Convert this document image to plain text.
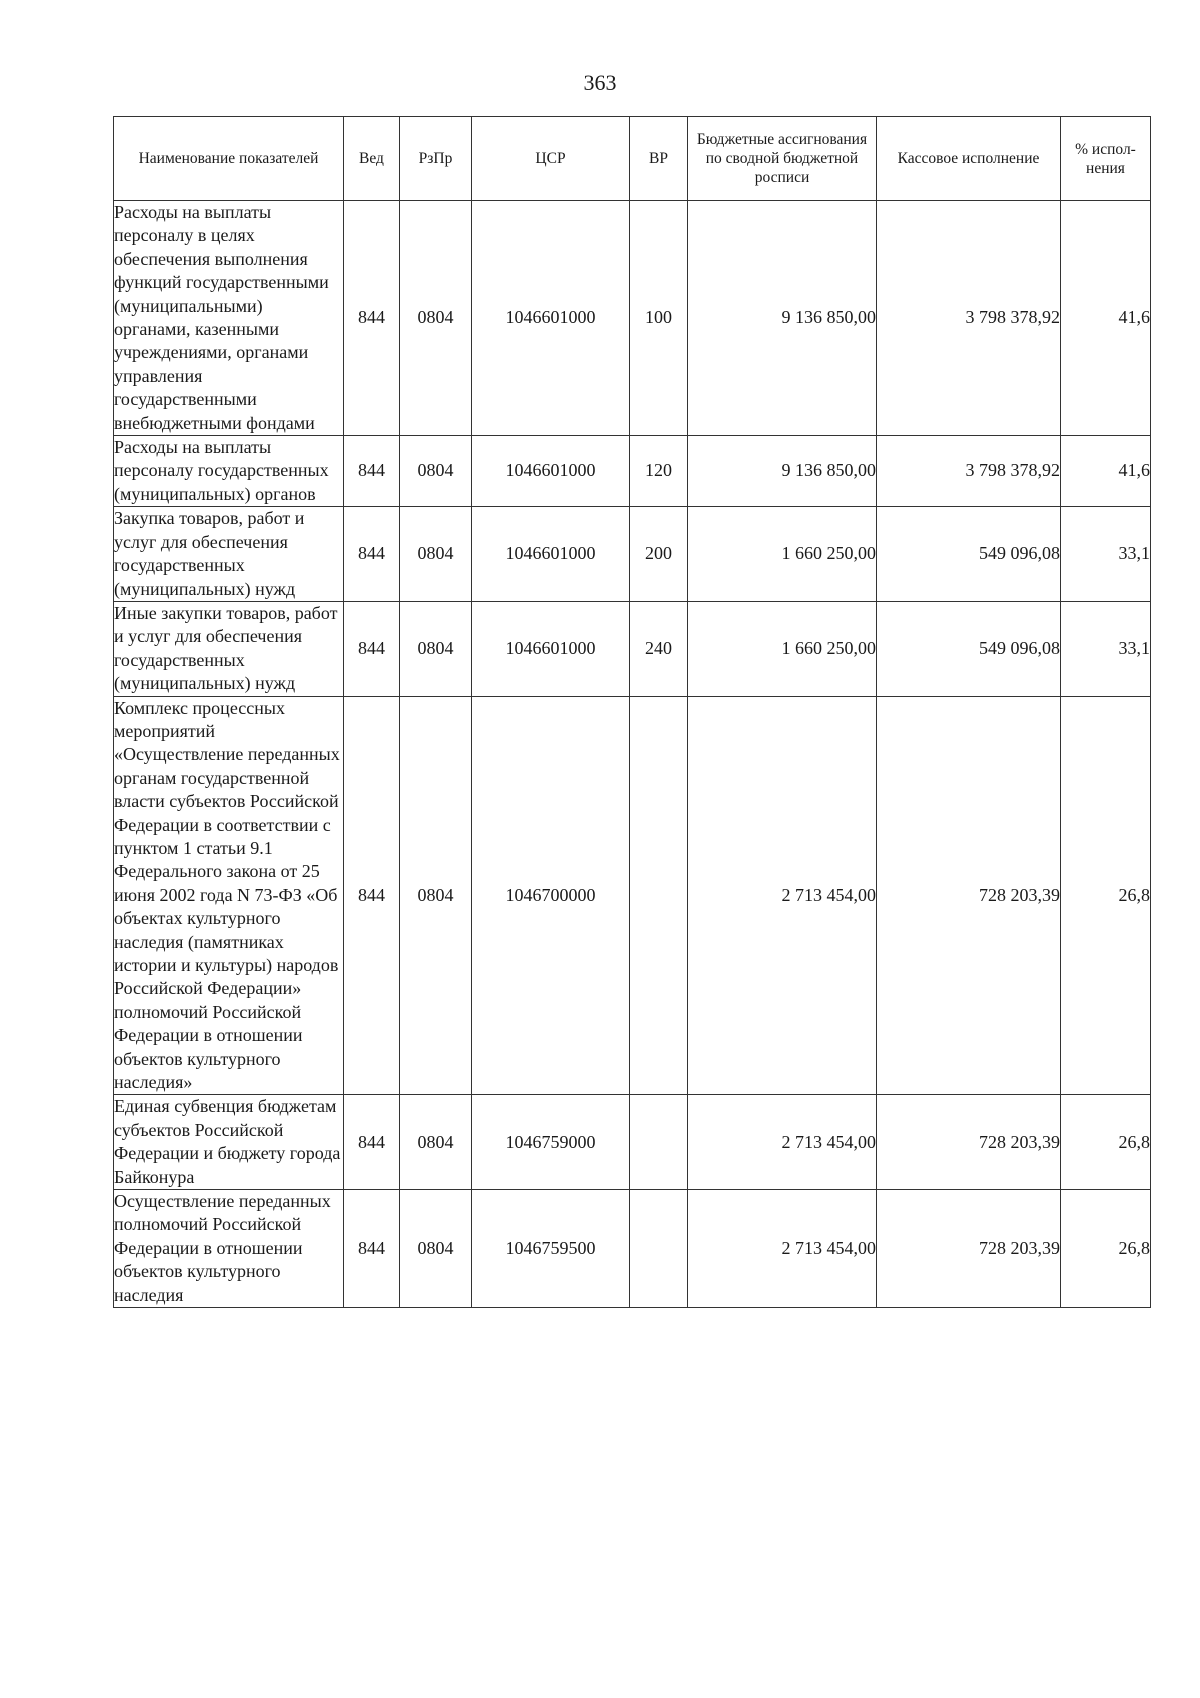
363
Наименование показателей	Вед	РзПр	ЦСР	ВР	Бюджетные ассигнования по сводной бюджетной росписи	Кассовое исполнение	% испол-нения
Расходы на выплаты персоналу в целях обеспечения выполнения функций государственными (муниципальными) органами, казенными учреждениями, органами управления государственными внебюджетными фондами	844	0804	1046601000	100	9 136 850,00	3 798 378,92	41,6
Расходы на выплаты персоналу государственных (муниципальных) органов	844	0804	1046601000	120	9 136 850,00	3 798 378,92	41,6
Закупка товаров, работ и услуг для обеспечения государственных (муниципальных) нужд	844	0804	1046601000	200	1 660 250,00	549 096,08	33,1
Иные закупки товаров, работ и услуг для обеспечения государственных (муниципальных) нужд	844	0804	1046601000	240	1 660 250,00	549 096,08	33,1
Комплекс процессных мероприятий «Осуществление переданных органам государственной власти субъектов Российской Федерации в соответствии с пунктом 1 статьи 9.1 Федерального закона от 25 июня 2002 года N 73-ФЗ «Об объектах культурного наследия (памятниках истории и культуры) народов Российской Федерации» полномочий Российской Федерации в отношении объектов культурного наследия»	844	0804	1046700000		2 713 454,00	728 203,39	26,8
Единая субвенция бюджетам субъектов Российской Федерации и бюджету города Байконура	844	0804	1046759000		2 713 454,00	728 203,39	26,8
Осуществление переданных полномочий Российской Федерации в отношении объектов культурного наследия	844	0804	1046759500		2 713 454,00	728 203,39	26,8
